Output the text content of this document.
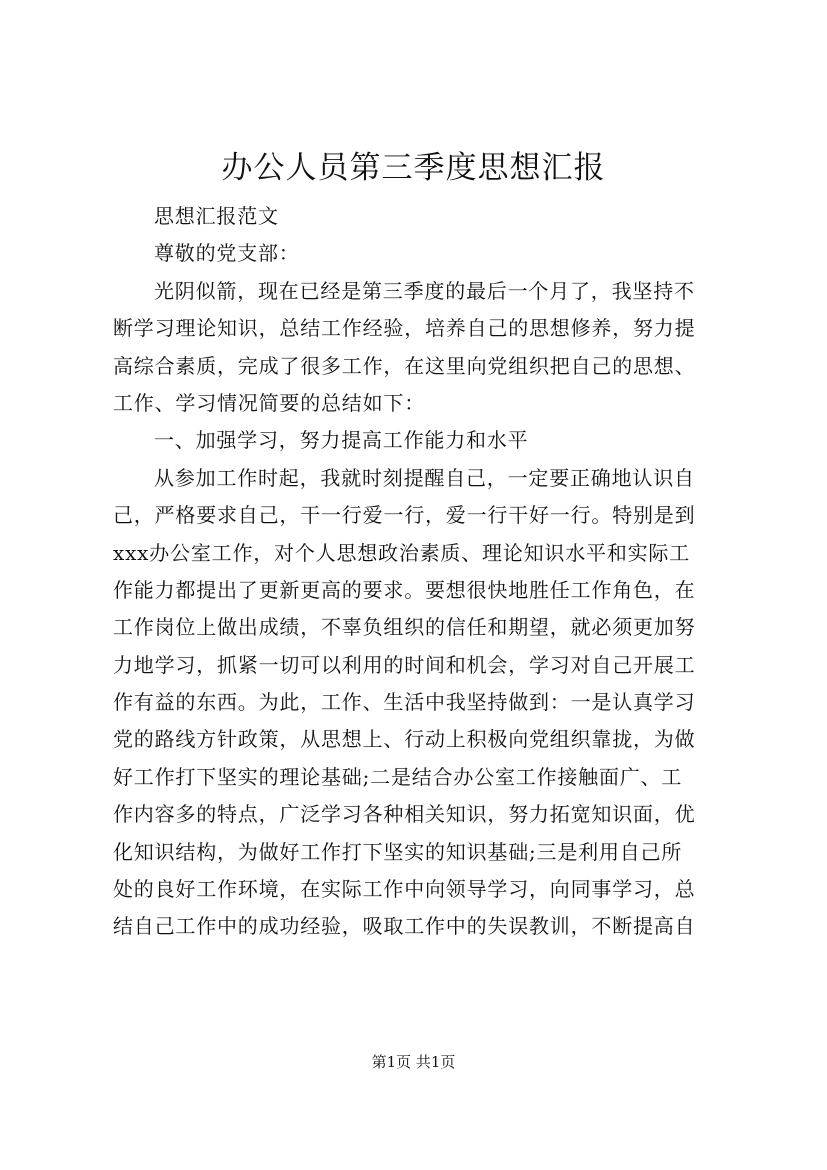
办公人员第三季度思想汇报
思想汇报范文
尊敬的党支部：
光阴似箭，现在已经是第三季度的最后一个月了，我坚持不
断学习理论知识，总结工作经验，培养自己的思想修养，努力提
高综合素质，完成了很多工作，在这里向党组织把自己的思想、
工作、学习情况简要的总结如下：
一、加强学习，努力提高工作能力和水平
从参加工作时起，我就时刻提醒自己，一定要正确地认识自
己，严格要求自己，干一行爱一行，爱一行干好一行。特别是到
xxx办公室工作，对个人思想政治素质、理论知识水平和实际工
作能力都提出了更新更高的要求。要想很快地胜任工作角色，在
工作岗位上做出成绩，不辜负组织的信任和期望，就必须更加努
力地学习，抓紧一切可以利用的时间和机会，学习对自己开展工
作有益的东西。为此，工作、生活中我坚持做到：一是认真学习
党的路线方针政策，从思想上、行动上积极向党组织靠拢，为做
好工作打下坚实的理论基础;二是结合办公室工作接触面广、工
作内容多的特点，广泛学习各种相关知识，努力拓宽知识面，优
化知识结构，为做好工作打下坚实的知识基础;三是利用自己所
处的良好工作环境，在实际工作中向领导学习，向同事学习，总
结自己工作中的成功经验，吸取工作中的失误教训，不断提高自
第1页 共1页
